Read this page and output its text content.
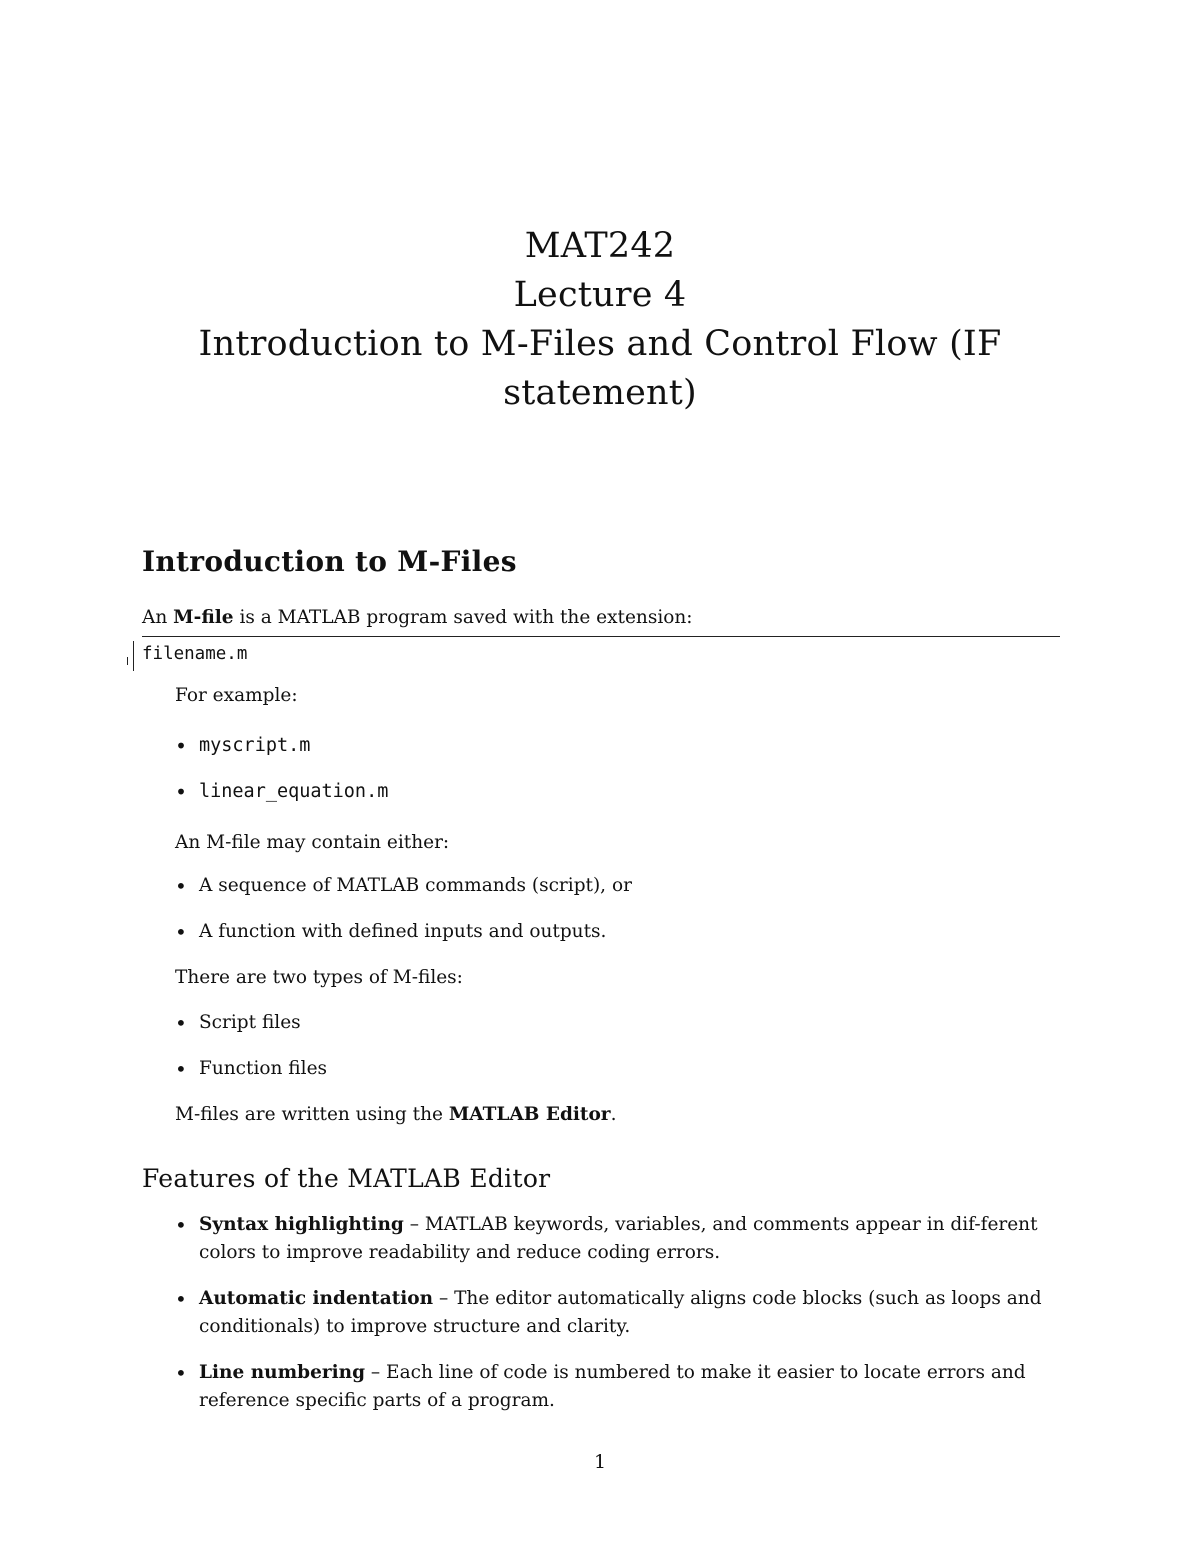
MAT242
Lecture 4
Introduction to M-Files and Control Flow (IF
statement)
Introduction to M-Files

An M-file is a MATLAB program saved with the extension:

filename.m

For example:

• myscript.m
• linear_equation.m

An M-file may contain either:

• A sequence of MATLAB commands (script), or
• A function with defined inputs and outputs.

There are two types of M-files:

• Script files
• Function files

M-files are written using the MATLAB Editor.

Features of the MATLAB Editor
• Syntax highlighting – MATLAB keywords, variables, and comments appear in dif-ferent colors to improve readability and reduce coding errors.
• Automatic indentation – The editor automatically aligns code blocks (such as loops and conditionals) to improve structure and clarity.
• Line numbering – Each line of code is numbered to make it easier to locate errors and reference specific parts of a program.
1
